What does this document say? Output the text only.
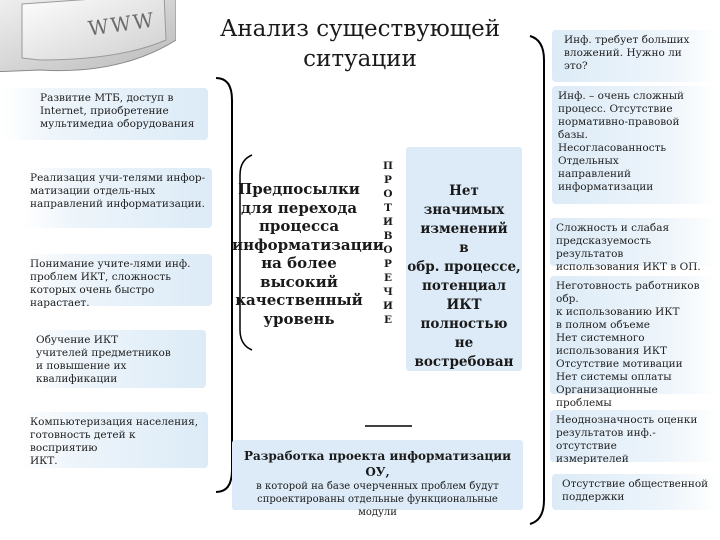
WWW	Анализ существующей
ситуации
Развитие МТБ, доступ в
Internet, приобретение
мультимедиа оборудования
Реализация учи-телями инфор-
матизации отдель-ных
направлений информатизации.
Понимание учите-лями инф.
проблем ИКТ, сложность
которых очень быстро нарастает.
Обучение ИКТ
учителей предметников
и повышение их квалификации
Компьютеризация населения,
готовность детей к восприятию
ИКТ.
Предпосылки для перехода процесса информатизации на более высокий качественный уровень
П
Р
О
Т
И
В
О
Р
Е
Ч
И
Е

Нет
значимых
изменений
в
обр. процессе,
потенциал
ИКТ
полностью
не
востребован

Разработка проекта информатизации ОУ,
в которой на базе очерченных проблем будут
спроектированы отдельные функциональные
модули
Инф. требует больших
вложений. Нужно ли
это?
Инф. – очень сложный
процесс. Отсутствие
нормативно-правовой
базы.
Несогласованность
Отдельных
направлений
информатизации
Сложность и слабая
предсказуемость результатов
использования ИКТ в ОП.
Неготовность работников обр.
к использованию ИКТ
в полном объеме
Нет системного
использования ИКТ
Отсутствие мотивации
Нет системы оплаты
Организационные проблемы
Неоднозначность оценки
результатов инф.-отсутствие
измерителей
Отсутствие общественной
поддержки
